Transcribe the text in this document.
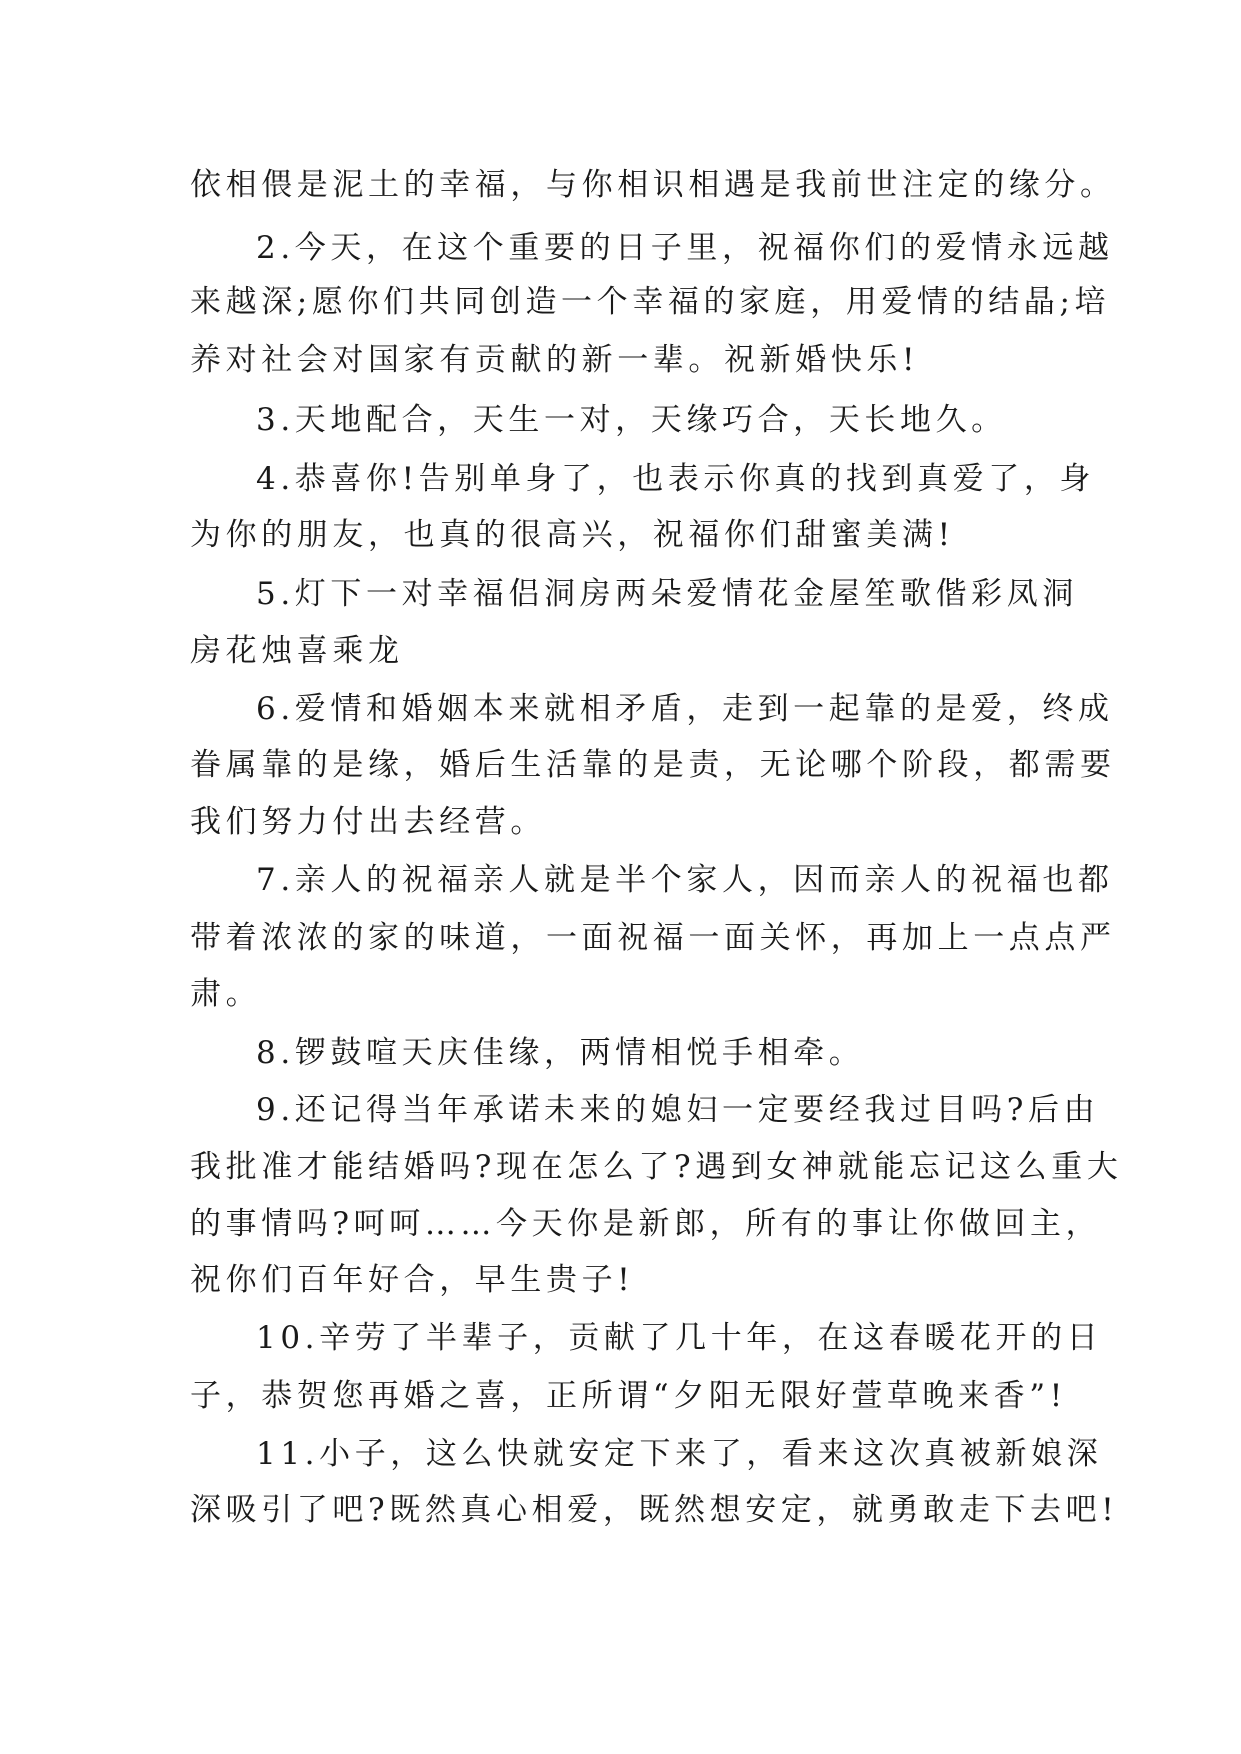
依相偎是泥土的幸福，与你相识相遇是我前世注定的缘分。
2.今天，在这个重要的日子里，祝福你们的爱情永远越
来越深;愿你们共同创造一个幸福的家庭，用爱情的结晶;培
养对社会对国家有贡献的新一辈。祝新婚快乐!
3.天地配合，天生一对，天缘巧合，天长地久。
4.恭喜你!告别单身了，也表示你真的找到真爱了，身
为你的朋友，也真的很高兴，祝福你们甜蜜美满!
5.灯下一对幸福侣洞房两朵爱情花金屋笙歌偕彩凤洞
房花烛喜乘龙
6.爱情和婚姻本来就相矛盾，走到一起靠的是爱，终成
眷属靠的是缘，婚后生活靠的是责，无论哪个阶段，都需要
我们努力付出去经营。
7.亲人的祝福亲人就是半个家人，因而亲人的祝福也都
带着浓浓的家的味道，一面祝福一面关怀，再加上一点点严
肃。
8.锣鼓喧天庆佳缘，两情相悦手相牵。
9.还记得当年承诺未来的媳妇一定要经我过目吗?后由
我批准才能结婚吗?现在怎么了?遇到女神就能忘记这么重大
的事情吗?呵呵……今天你是新郎，所有的事让你做回主，
祝你们百年好合，早生贵子!
10.辛劳了半辈子，贡献了几十年，在这春暖花开的日
子，恭贺您再婚之喜，正所谓“夕阳无限好萱草晚来香”!
11.小子，这么快就安定下来了，看来这次真被新娘深
深吸引了吧?既然真心相爱，既然想安定，就勇敢走下去吧!
